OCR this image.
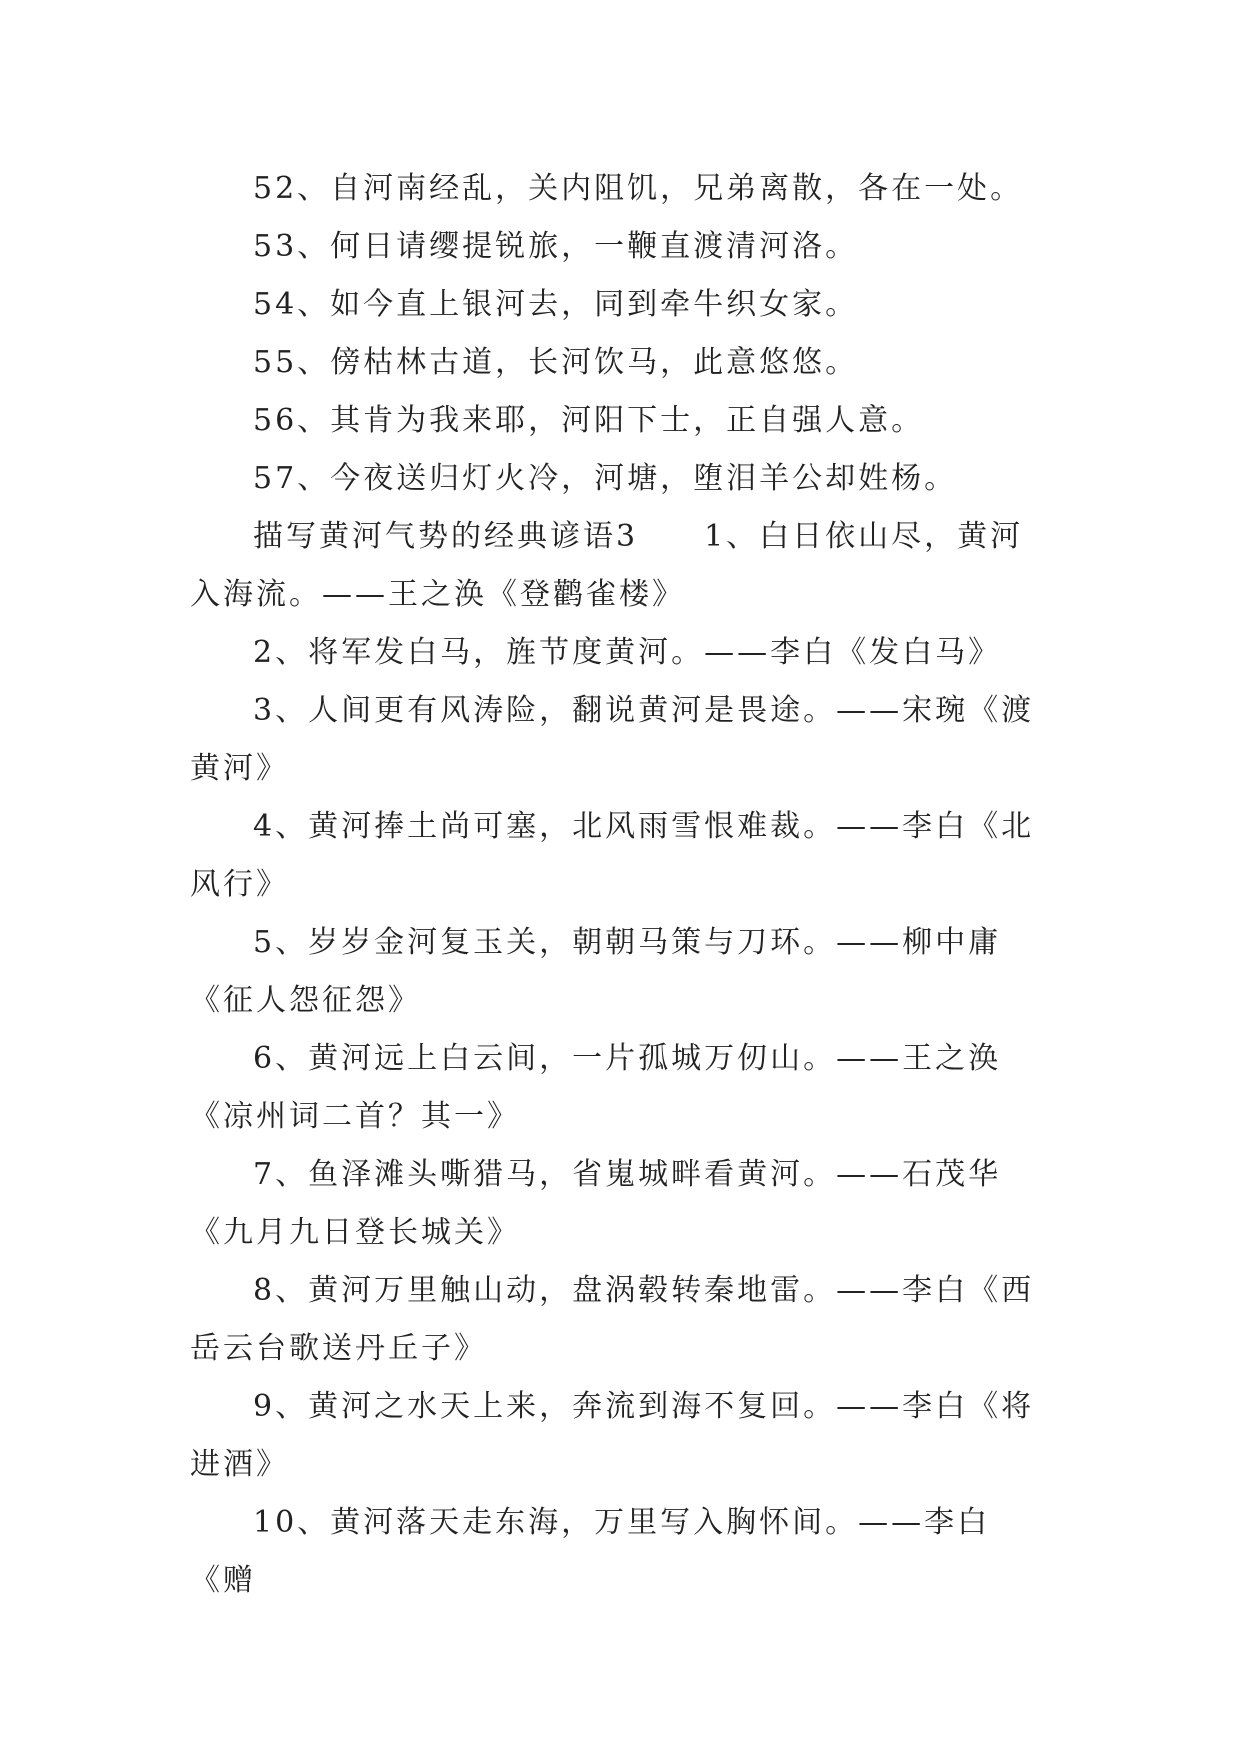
52、自河南经乱，关内阻饥，兄弟离散，各在一处。

53、何日请缨提锐旅，一鞭直渡清河洛。

54、如今直上银河去，同到牵牛织女家。

55、傍枯林古道，长河饮马，此意悠悠。

56、其肯为我来耶，河阳下士，正自强人意。

57、今夜送归灯火冷，河塘，堕泪羊公却姓杨。

描写黄河气势的经典谚语3　　1、白日依山尽，黄河入海流。——王之涣《登鹳雀楼》

2、将军发白马，旌节度黄河。——李白《发白马》

3、人间更有风涛险，翻说黄河是畏途。——宋琬《渡黄河》

4、黄河捧土尚可塞，北风雨雪恨难裁。——李白《北风行》

5、岁岁金河复玉关，朝朝马策与刀环。——柳中庸《征人怨征怨》

6、黄河远上白云间，一片孤城万仞山。——王之涣《凉州词二首？其一》

7、鱼泽滩头嘶猎马，省嵬城畔看黄河。——石茂华《九月九日登长城关》

8、黄河万里触山动，盘涡毂转秦地雷。——李白《西岳云台歌送丹丘子》

9、黄河之水天上来，奔流到海不复回。——李白《将进酒》

10、黄河落天走东海，万里写入胸怀间。——李白《赠
